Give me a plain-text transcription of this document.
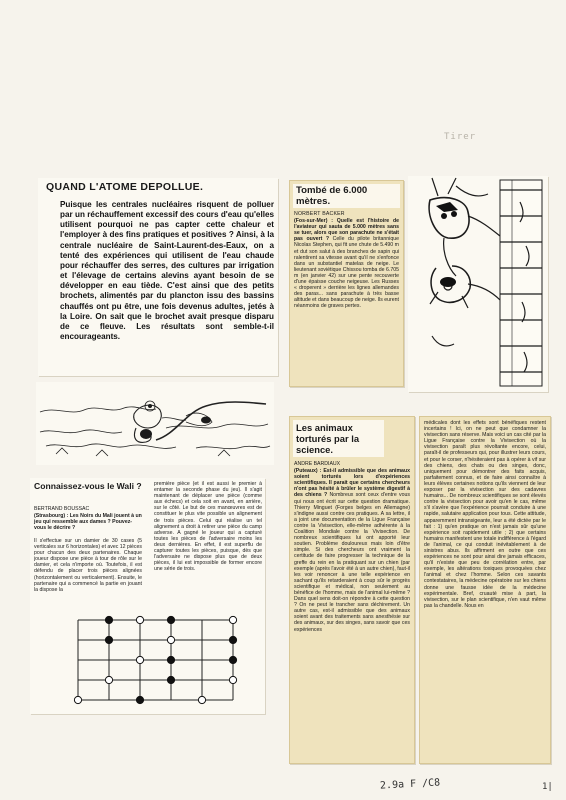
Tirer
QUAND L'ATOME DEPOLLUE.
Puisque les centrales nucléaires risquent de polluer par un réchauffement excessif des cours d'eau qu'elles utilisent pourquoi ne pas capter cette chaleur et l'employer à des fins pratiques et positives ? Ainsi, à la centrale nucléaire de Saint-Laurent-des-Eaux, on a tenté des expériences qui utilisent de l'eau chaude pour réchauffer des serres, des cultures par irrigation et l'élevage de certains alevins ayant besoin de se développer en eau tiède. C'est ainsi que des petits brochets, alimentés par du plancton issu des bassins chauffés ont pu être, une fois devenus adultes, jetés à la Loire. On sait que le brochet avait presque disparu de ce fleuve. Les résultats sont semble-t-il encourageants.
Tombé de 6.000 mètres.
NORBERT BACKER
(Fos-sur-Mer) : Quelle est l'histoire de l'aviateur qui sauta de 5.000 mètres sans se tuer, alors que son parachute ne s'était pas ouvert ? Celle du pilote britannique Nicolas Stephen, qui fit une chute de 5.490 m et dut son salut à des branches de sapin qui ralentirent sa vitesse avant qu'il ne s'enfonce dans un substantiel matelas de neige. Le lieutenant soviétique Chissou tomba de 6.705 m (en janvier 42) sur une pente recouverte d'une épaisse couche neigeuse. Les Russes « droperent » derrière les lignes allemandes des paras... sans parachute à très basse altitude et dans beaucoup de neige. Ils eurent néanmoins de graves pertes.
Connaissez-vous le Wali ?
BERTRAND BOUSSAC
(Strasbourg) : Les Noirs du Mali jouent à un jeu qui ressemble aux dames ? Pouvez-vous le décrire ?
Il s'effectue sur un damier de 30 cases (5 verticales sur 6 horizontales) et avec 12 pièces pour chacun des deux partenaires. Chaque joueur dispose une pièce à tour de rôle sur le damier, et cela n'importe où. Toutefois, il est défendu de placer trois pièces alignées (horizontalement ou verticalement). Ensuite, le partenaire qui a commencé la partie en jouant la dispose la
première pièce (et il est aussi le premier à entamer la seconde phase du jeu). Il s'agit maintenant de déplacer une pièce (comme aux échecs) et cela soit en avant, en arrière, sur le côté. Le but de ces manœuvres est de constituer le plus vite possible un alignement de trois pièces. Celui qui réalise un tel alignement a droit à retirer une pièce du camp adverse. A gagné le joueur qui a capturé toutes les pièces de l'adversaire moins les deux dernières. En effet, il est superflu de capturer toutes les pièces, puisque, dès que l'adversaire ne dispose plus que de deux pièces, il lui est impossible de former encore une série de trois.
Les animaux torturés par la science.
ANDRE BARDIAUX
(Puteaux) : Est-il admissible que des animaux soient torturés lors d'expériences scientifiques. Il parait que certains chercheurs n'ont pas hésité à brûler le système digestif à des chiens ? Nombreux sont ceux d'entre vous qui nous ont écrit sur cette question dramatique. Thierry Minguet (Forges belges en Allemagne) s'indigne aussi contre ces pratiques. A sa lettre, il a joint une documentation de la Ligue Française contre la Vivisection, elle-même adhérente à la Coalition Mondiale contre la Vivisection. De nombreux scientifiques lui ont apporté leur soutien. Problème douloureux mais loin d'être simple. Si des chercheurs ont vraiment la certitude de faire progresser la technique de la greffe du rein en la pratiquant sur un chien (par exemple (après l'avoir été à un autre chien), faut-il les voir renoncer à une telle expérience en sachant qu'ils retarderaient à coup sûr le progrès scientifique et médical, non seulement au bénéfice de l'homme, mais de l'animal lui-même ? Dans quel sens doit-on répondre à cette question ? On ne peut le trancher sans déchirement. Un autre cas, est-il admissible que des animaux soient avant des traitements sans anesthésie sur des animaux, sur des singes, sans savoir que ces expériences
médicales dont les effets sont bénéfiques restent incertains ! Ici, on ne peut que condamner la vivisection sans réserve. Mais voici un cas cité par la Ligue Française contre la Vivisection où la vivisection paraît plus révoltante encore, celui, paraît-il de professeurs qui, pour illustrer leurs cours, et pour le corser, n'hésiteraient pas à opérer à vif sur des chiens, des chats ou des singes, donc, uniquement pour démontrer des faits acquis, parfaitement connus, et de faire ainsi connaître à leurs élèves certaines notions qu'ils viennent de leur exposer par la vivisection sur des cadavres humains... De nombreux scientifiques se sont élevés contre la vivisection pour avoir qu'en le cas, même s'il s'avère que l'expérience pourrait conduire à une rapide, salutaire application pour tous. Cette attitude, apparemment intransigeante, leur a été dictée par le fait : 1) qu'en pratique on n'est jamais sûr qu'une expérience soit rapidement utile ; 2) que certains humains manifestent une totale indifférence à l'égard de l'animal, ce qui conduit inévitablement à de sinistres abus. Ils affirment en outre que ces expériences ne sont pour ainsi dire jamais efficaces, qu'il n'existe que peu de corrélation entre, par exemple, les altérations toxiques provoquées chez l'animal et chez l'homme. Selon ces savants contestataires, la médecine opératoire sur les chiens donne une fausse idée de la médecine expérimentale. Bref, cruauté mise à part, la vivisection, sur le plan scientifique, n'en vaut même pas la chandelle. Nous en
2.9a F /C8	1|
